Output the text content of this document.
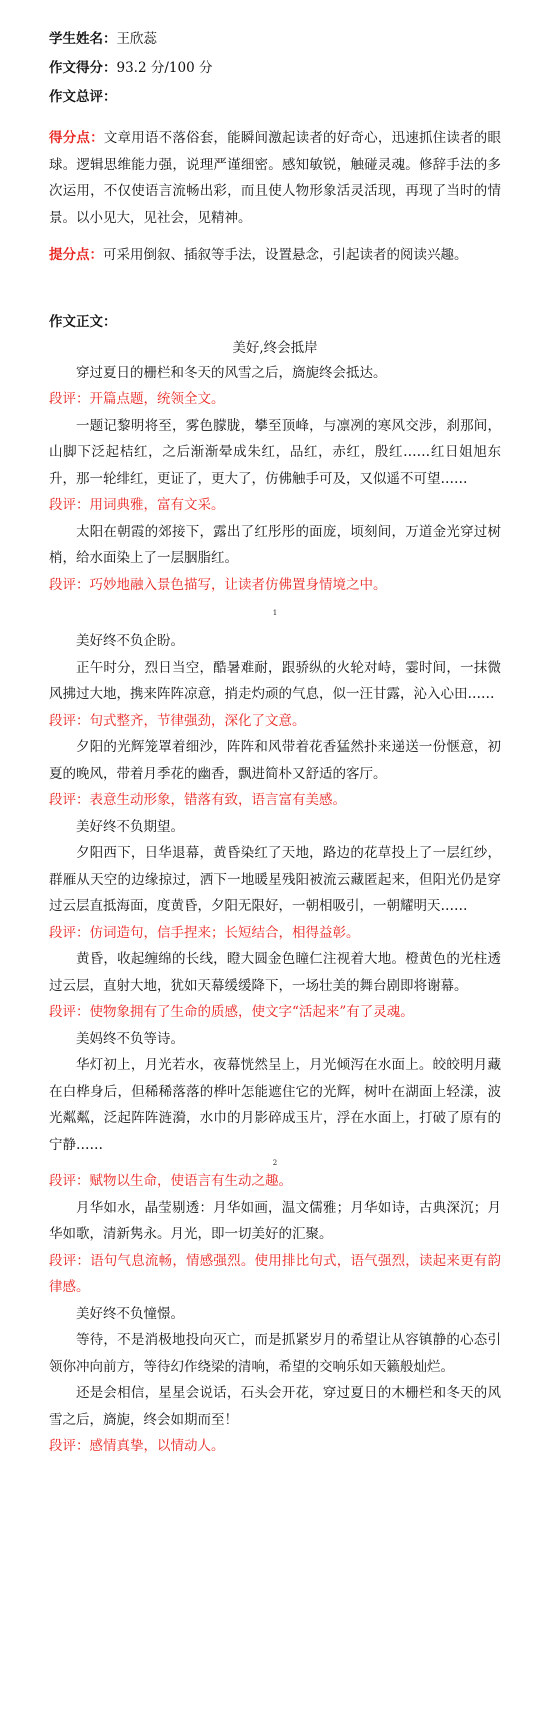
学生姓名：王欣蕊
作文得分：93.2 分/100 分
作文总评：

得分点：文章用语不落俗套，能瞬间激起读者的好奇心，迅速抓住读者的眼球。逻辑思维能力强，说理严谨细密。感知敏锐，触碰灵魂。修辞手法的多次运用，不仅使语言流畅出彩，而且使人物形象活灵活现，再现了当时的情景。以小见大，见社会，见精神。

提分点：可采用倒叙、插叙等手法，设置悬念，引起读者的阅读兴趣。

作文正文：
美好,终会抵岸

穿过夏日的栅栏和冬天的风雪之后，旖旎终会抵达。

段评：开篇点题，统领全文。

一题记黎明将至，雾色朦胧，攀至顶峰，与凛冽的寒风交涉，刹那间，山脚下泛起桔红，之后渐渐晕成朱红，品红，赤红，殷红……红日姐旭东升，那一轮绯红，更证了，更大了，仿佛触手可及，又似遥不可望……

段评：用词典雅，富有文采。

太阳在朝霞的郊接下，露出了红彤彤的面庞，顷刻间，万道金光穿过树梢，给水面染上了一层胭脂红。

段评：巧妙地融入景色描写，让读者仿佛置身情境之中。

1

美好终不负企盼。

正午时分，烈日当空，酷暑难耐，跟骄纵的火轮对峙，霎时间，一抹微风拂过大地，携来阵阵凉意，捎走灼顽的气息，似一汪甘露，沁入心田……

段评：句式整齐，节律强劲，深化了文意。

夕阳的光辉笼罩着细沙，阵阵和风带着花香猛然扑来递送一份惬意，初夏的晚风，带着月季花的幽香，飘进简朴又舒适的客厅。

段评：表意生动形象，错落有致，语言富有美感。

美好终不负期望。

夕阳西下，日华退幕，黄昏染红了天地，路边的花草投上了一层红纱，群雁从天空的边缘掠过，洒下一地暖星残阳被流云藏匿起来，但阳光仍是穿过云层直抵海面，度黄昏，夕阳无限好，一朝相吸引，一朝耀明天……

段评：仿词造句，信手捏来；长短结合，相得益彰。

黄昏，收起缠绵的长线，瞪大圆金色瞳仁注视着大地。橙黄色的光柱透过云层，直射大地，犹如天幕缓缓降下，一场壮美的舞台剧即将谢幕。

段评：使物象拥有了生命的质感，使文字“活起来”有了灵魂。

美妈终不负等诗。

华灯初上，月光若水，夜幕恍然呈上，月光倾泻在水面上。皎皎明月藏在白桦身后，但稀稀落落的桦叶怎能遮住它的光辉，树叶在湖面上轻漾，波光粼粼，泛起阵阵涟漪，水巾的月影碎成玉片，浮在水面上，打破了原有的宁静……

2

段评：赋物以生命，使语言有生动之趣。

月华如水，晶莹剔透：月华如画，温文儒雅；月华如诗，古典深沉；月华如歌，清新隽永。月光，即一切美好的汇聚。

段评：语句气息流畅，情感强烈。使用排比句式，语气强烈，读起来更有韵律感。

美好终不负憧憬。

等待，不是消极地投向灭亡，而是抓紧岁月的希望让从容镇静的心态引领你冲向前方，等待幻作绕梁的清响，希望的交响乐如天籁般灿烂。

还是会相信，星星会说话，石头会开花，穿过夏日的木栅栏和冬天的风雪之后，旖旎，终会如期而至！

段评：感情真挚，以情动人。
